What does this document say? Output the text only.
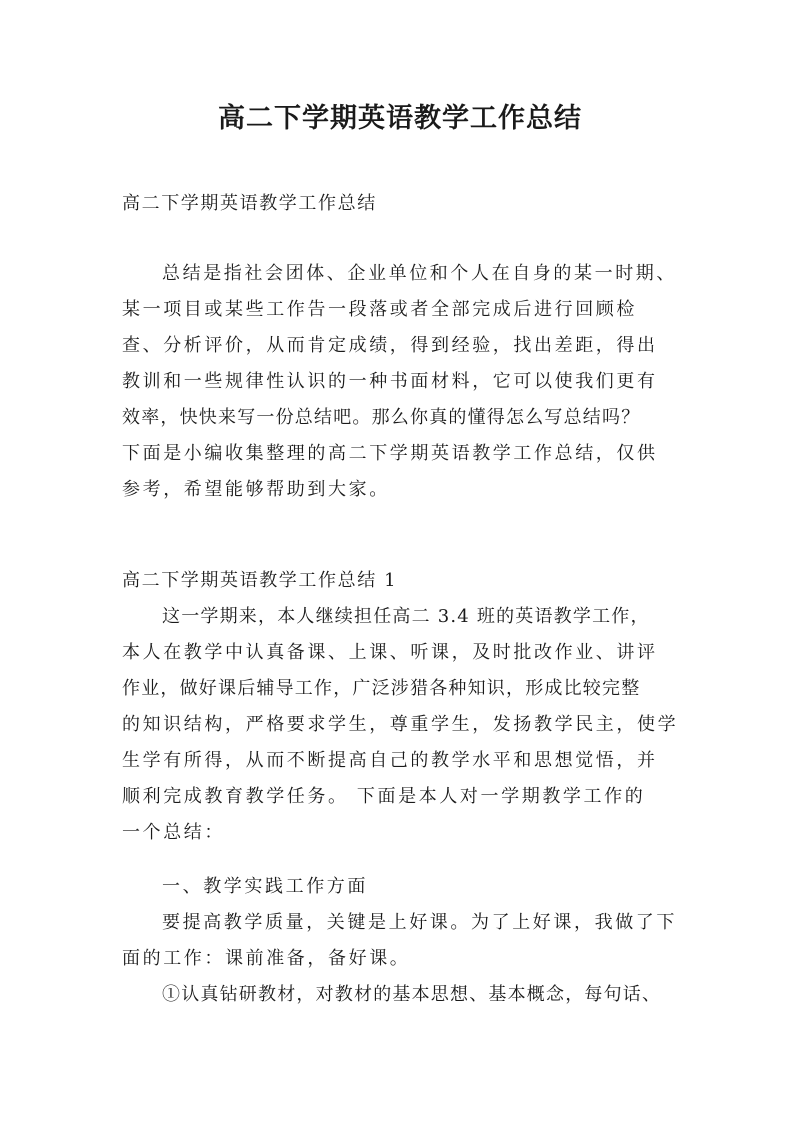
高二下学期英语教学工作总结
高二下学期英语教学工作总结
总结是指社会团体、企业单位和个人在自身的某一时期、
某一项目或某些工作告一段落或者全部完成后进行回顾检
查、分析评价，从而肯定成绩，得到经验，找出差距，得出
教训和一些规律性认识的一种书面材料，它可以使我们更有
效率，快快来写一份总结吧。那么你真的懂得怎么写总结吗？
下面是小编收集整理的高二下学期英语教学工作总结，仅供
参考，希望能够帮助到大家。
高二下学期英语教学工作总结 1
这一学期来，本人继续担任高二 3.4 班的英语教学工作，
本人在教学中认真备课、上课、听课，及时批改作业、讲评
作业，做好课后辅导工作，广泛涉猎各种知识，形成比较完整
的知识结构，严格要求学生，尊重学生，发扬教学民主，使学
生学有所得，从而不断提高自己的教学水平和思想觉悟，并
顺利完成教育教学任务。 下面是本人对一学期教学工作的
一个总结：
一、教学实践工作方面
要提高教学质量，关键是上好课。为了上好课，我做了下
面的工作：课前准备，备好课。
①认真钻研教材，对教材的基本思想、基本概念，每句话、
